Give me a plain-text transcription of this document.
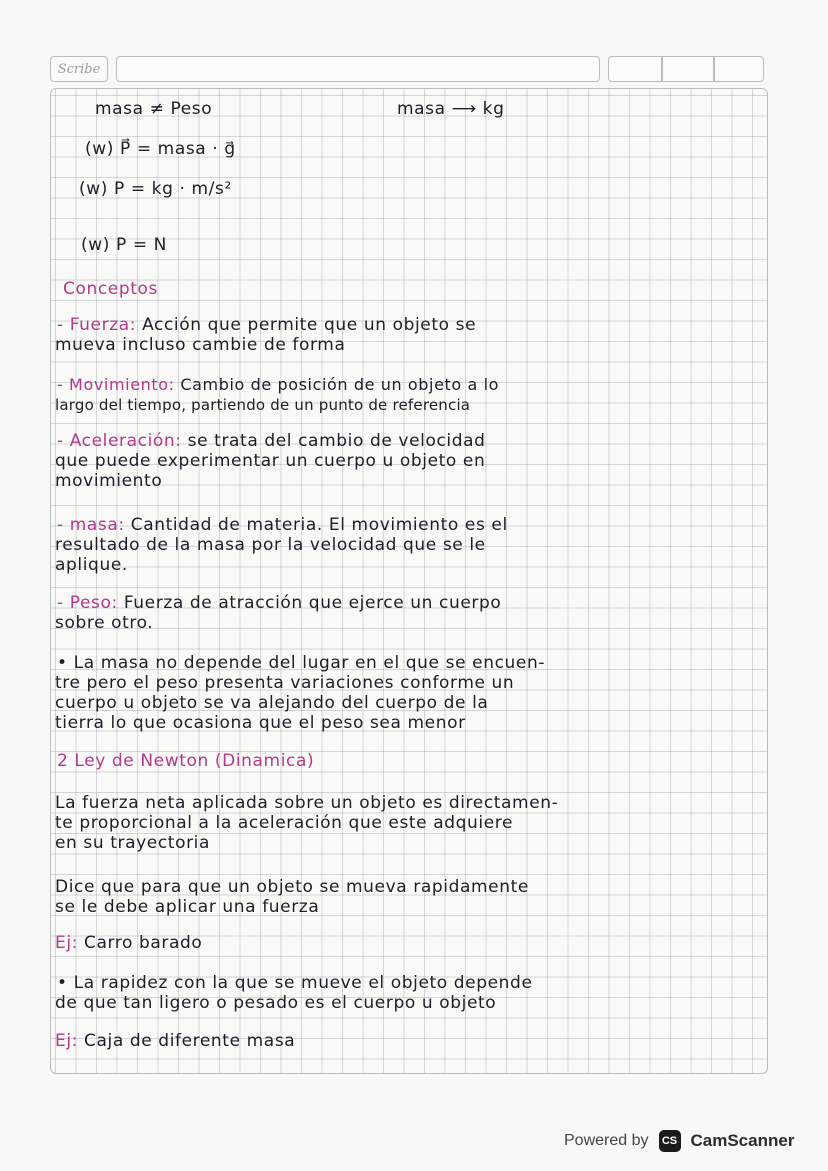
Scribe
masa ≠ Peso	masa ⟶ kg
(w) P⃗ = masa · g⃗
(w) P = kg · m/s²
(w) P = N
Conceptos
- Fuerza: Acción que permite que un objeto se
mueva incluso cambie de forma
- Movimiento: Cambio de posición de un objeto a lo
largo del tiempo, partiendo de un punto de referencia
- Aceleración: se trata del cambio de velocidad
que puede experimentar un cuerpo u objeto en
movimiento
- masa: Cantidad de materia. El movimiento es el
resultado de la masa por la velocidad que se le
aplique.
- Peso: Fuerza de atracción que ejerce un cuerpo
sobre otro.
• La masa no depende del lugar en el que se encuen-
tre pero el peso presenta variaciones conforme un
cuerpo u objeto se va alejando del cuerpo de la
tierra lo que ocasiona que el peso sea menor
2 Ley de Newton (Dinamica)
La fuerza neta aplicada sobre un objeto es directamen-
te proporcional a la aceleración que este adquiere
en su trayectoria
Dice que para que un objeto se mueva rapidamente
se le debe aplicar una fuerza
Ej: Carro barado
• La rapidez con la que se mueve el objeto depende
de que tan ligero o pesado es el cuerpo u objeto
Ej: Caja de diferente masa
Powered by	CS CamScanner
